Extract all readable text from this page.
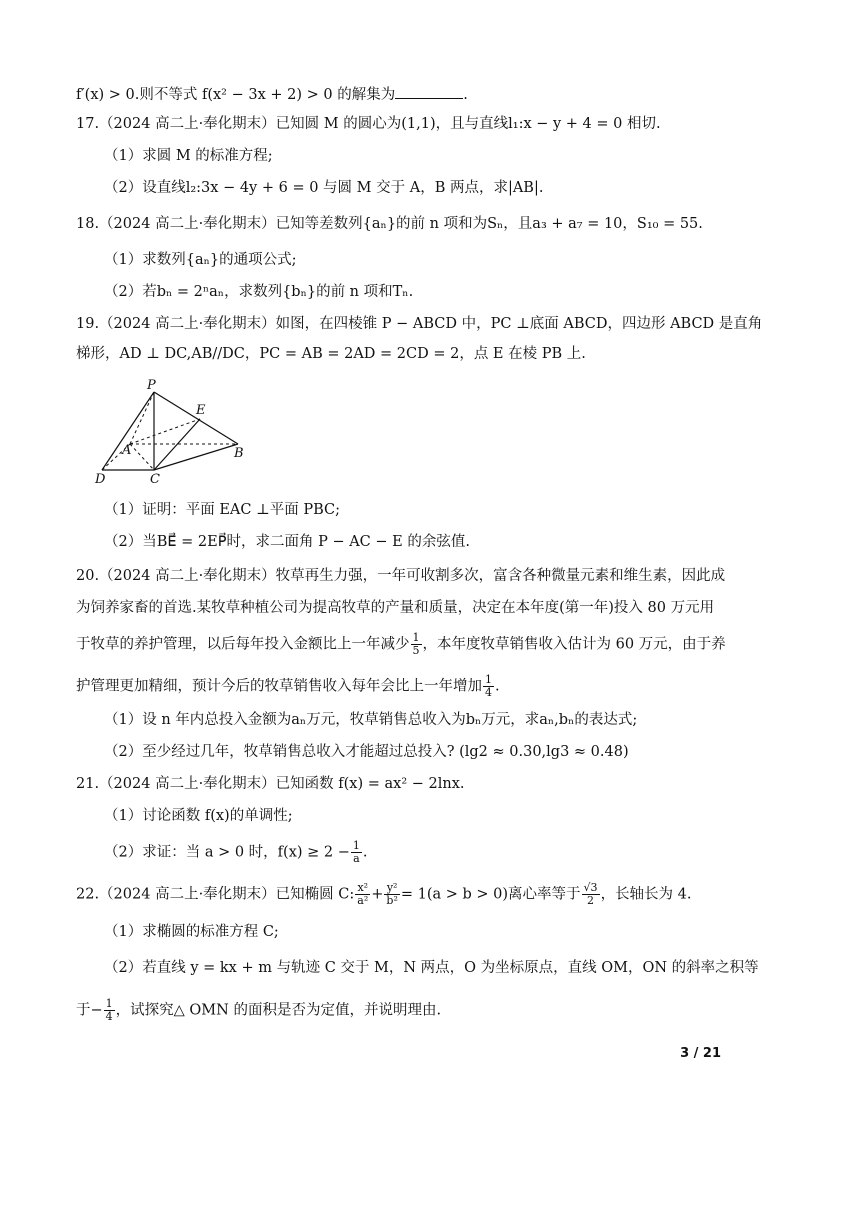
f′(x) > 0.则不等式 f(x² − 3x + 2) > 0 的解集为	.
17.（2024 高二上·奉化期末）已知圆 M 的圆心为(1,1)，且与直线l₁:x − y + 4 = 0 相切.
（1）求圆 M 的标准方程;
（2）设直线l₂:3x − 4y + 6 = 0 与圆 M 交于 A，B 两点，求|AB|.
18.（2024 高二上·奉化期末）已知等差数列{aₙ}的前 n 项和为Sₙ，且a₃ + a₇ = 10，S₁₀ = 55.
（1）求数列{aₙ}的通项公式;
（2）若bₙ = 2ⁿaₙ，求数列{bₙ}的前 n 项和Tₙ.
19.（2024 高二上·奉化期末）如图，在四棱锥 P − ABCD 中，PC ⊥底面 ABCD，四边形 ABCD 是直角
梯形，AD ⊥ DC,AB//DC，PC = AB = 2AD = 2CD = 2，点 E 在棱 PB 上.
P
E
A	B
D	C
（1）证明：平面 EAC ⊥平面 PBC;
（2）当BE⃗ = 2EP⃗时，求二面角 P − AC − E 的余弦值.
20.（2024 高二上·奉化期末）牧草再生力强，一年可收割多次，富含各种微量元素和维生素，因此成
为饲养家畜的首选.某牧草种植公司为提高牧草的产量和质量，决定在本年度(第一年)投入 80 万元用
于牧草的养护管理，以后每年投入金额比上一年减少 $\frac{1}{5}$ ，本年度牧草销售收入估计为 60 万元，由于养
护管理更加精细，预计今后的牧草销售收入每年会比上一年增加 $\frac{1}{4}$ .
（1）设 n 年内总投入金额为aₙ万元，牧草销售总收入为bₙ万元，求aₙ,bₙ的表达式;
（2）至少经过几年，牧草销售总收入才能超过总投入? (lg2 ≈ 0.30,lg3 ≈ 0.48)
21.（2024 高二上·奉化期末）已知函数 f(x) = ax² − 2lnx.
（1）讨论函数 f(x)的单调性;
（2）求证：当 a > 0 时，$f(x) \ge 2 - \frac{1}{a}$ .
22.（2024 高二上·奉化期末）已知椭圆 C: $\frac{\text{x²}}{\text{a²}} + \frac{\text{y²}}{\text{b²}} = 1(a > b > 0)$离心率等于 $\frac{√3}{2}$ ，长轴长为 4.
（1）求椭圆的标准方程 C;
（2）若直线 y = kx + m 与轨迹 C 交于 M，N 两点，O 为坐标原点，直线 OM，ON 的斜率之积等
于− $\frac{1}{4}$ ，试探究△ OMN 的面积是否为定值，并说明理由.
3 / 21
